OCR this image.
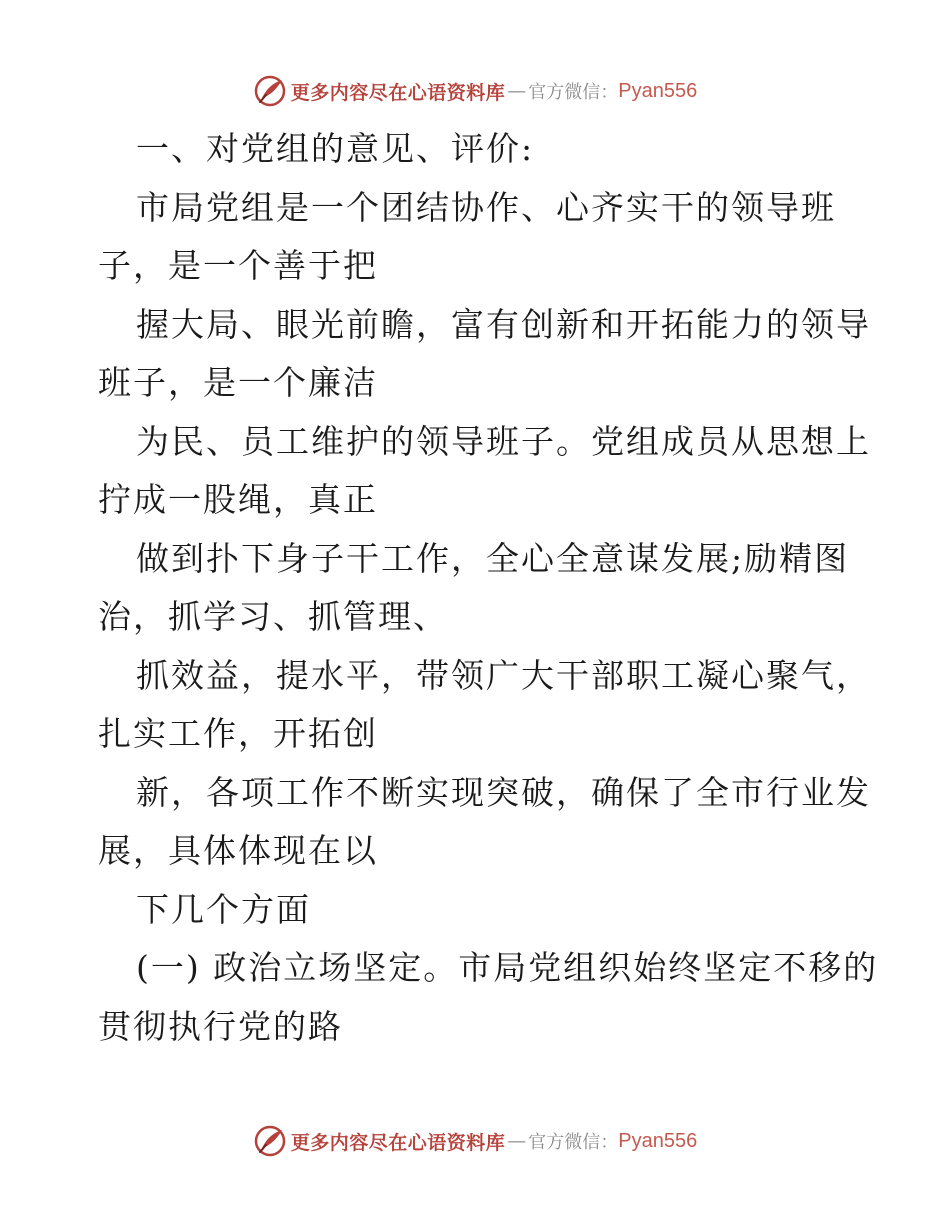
更多内容尽在心语资料库 — 官方微信： Pyan556
一、对党组的意见、评价:
市局党组是一个团结协作、心齐实干的领导班
子，是一个善于把
握大局、眼光前瞻，富有创新和开拓能力的领导
班子，是一个廉洁
为民、员工维护的领导班子。党组成员从思想上
拧成一股绳，真正
做到扑下身子干工作，全心全意谋发展;励精图
治，抓学习、抓管理、
抓效益，提水平，带领广大干部职工凝心聚气，
扎实工作，开拓创
新，各项工作不断实现突破，确保了全市行业发
展，具体体现在以
下几个方面
(一) 政治立场坚定。市局党组织始终坚定不移的
贯彻执行党的路
更多内容尽在心语资料库 — 官方微信： Pyan556
